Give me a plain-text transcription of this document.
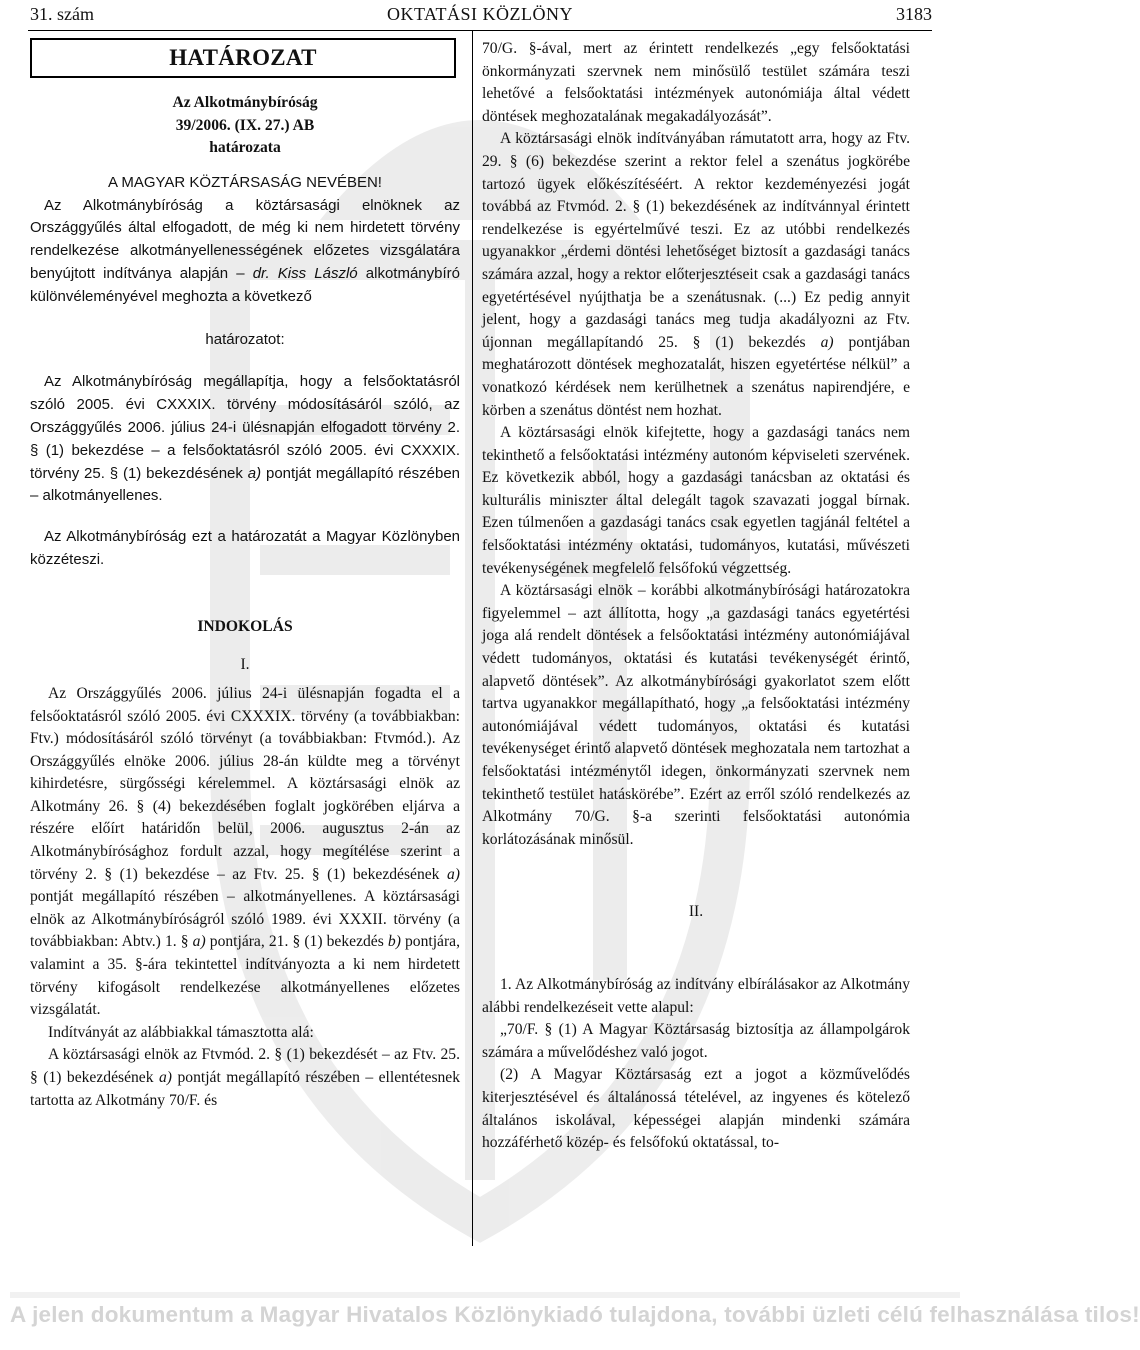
31. szám	OKTATÁSI KÖZLÖNY	3183
HATÁROZAT

Az Alkotmánybíróság

39/2006. (IX. 27.) AB

határozata

A MAGYAR KÖZTÁRSASÁG NEVÉBEN!

Az Alkotmánybíróság a köztársasági elnöknek az Országgyűlés által elfogadott, de még ki nem hirdetett törvény rendelkezése alkotmányellenességének előzetes vizsgálatára benyújtott indítványa alapján – dr. Kiss László alkotmánybíró különvéleményével meghozta a következő

határozatot:

Az Alkotmánybíróság megállapítja, hogy a felsőoktatásról szóló 2005. évi CXXXIX. törvény módosításáról szóló, az Országgyűlés 2006. július 24-i ülésnapján elfogadott törvény 2. § (1) bekezdése – a felsőoktatásról szóló 2005. évi CXXXIX. törvény 25. § (1) bekezdésének a) pontját megállapító részében – alkotmányellenes.

Az Alkotmánybíróság ezt a határozatát a Magyar Közlönyben közzéteszi.

INDOKOLÁS

I.

Az Országgyűlés 2006. július 24-i ülésnapján fogadta el a felsőoktatásról szóló 2005. évi CXXXIX. törvény (a továbbiakban: Ftv.) módosításáról szóló törvényt (a továbbiakban: Ftvmód.). Az Országgyűlés elnöke 2006. július 28-án küldte meg a törvényt kihirdetésre, sürgősségi kérelemmel. A köztársasági elnök az Alkotmány 26. § (4) bekezdésében foglalt jogkörében eljárva a részére előírt határidőn belül, 2006. augusztus 2-án az Alkotmánybírósághoz fordult azzal, hogy megítélése szerint a törvény 2. § (1) bekezdése – az Ftv. 25. § (1) bekezdésének a) pontját megállapító részében – alkotmányellenes. A köztársasági elnök az Alkotmánybíróságról szóló 1989. évi XXXII. törvény (a továbbiakban: Abtv.) 1. § a) pontjára, 21. § (1) bekezdés b) pontjára, valamint a 35. §-ára tekintettel indítványozta a ki nem hirdetett törvény kifogásolt rendelkezése alkotmányellenes előzetes vizsgálatát.

Indítványát az alábbiakkal támasztotta alá:

A köztársasági elnök az Ftvmód. 2. § (1) bekezdését – az Ftv. 25. § (1) bekezdésének a) pontját megállapító részében – ellentétesnek tartotta az Alkotmány 70/F. és

70/G. §-ával, mert az érintett rendelkezés „egy felsőoktatási önkormányzati szervnek nem minősülő testület számára teszi lehetővé a felsőoktatási intézmények autonómiája által védett döntések meghozatalának megakadályozását”.

A köztársasági elnök indítványában rámutatott arra, hogy az Ftv. 29. § (6) bekezdése szerint a rektor felel a szenátus jogkörébe tartozó ügyek előkészítéséért. A rektor kezdeményezési jogát továbbá az Ftvmód. 2. § (1) bekezdésének az indítvánnyal érintett rendelkezése is egyértelművé teszi. Ez az utóbbi rendelkezés ugyanakkor „érdemi döntési lehetőséget biztosít a gazdasági tanács számára azzal, hogy a rektor előterjesztéseit csak a gazdasági tanács egyetértésével nyújthatja be a szenátusnak. (...) Ez pedig annyit jelent, hogy a gazdasági tanács meg tudja akadályozni az Ftv. újonnan megállapítandó 25. § (1) bekezdés a) pontjában meghatározott döntések meghozatalát, hiszen egyetértése nélkül” a vonatkozó kérdések nem kerülhetnek a szenátus napirendjére, e körben a szenátus döntést nem hozhat.

A köztársasági elnök kifejtette, hogy a gazdasági tanács nem tekinthető a felsőoktatási intézmény autonóm képviseleti szervének. Ez következik abból, hogy a gazdasági tanácsban az oktatási és kulturális miniszter által delegált tagok szavazati joggal bírnak. Ezen túlmenően a gazdasági tanács csak egyetlen tagjánál feltétel a felsőoktatási intézmény oktatási, tudományos, kutatási, művészeti tevékenységének megfelelő felsőfokú végzettség.

A köztársasági elnök – korábbi alkotmánybírósági határozatokra figyelemmel – azt állította, hogy „a gazdasági tanács egyetértési joga alá rendelt döntések a felsőoktatási intézmény autonómiájával védett tudományos, oktatási és kutatási tevékenységét érintő, alapvető döntések”. Az alkotmánybírósági gyakorlatot szem előtt tartva ugyanakkor megállapítható, hogy „a felsőoktatási intézmény autonómiájával védett tudományos, oktatási és kutatási tevékenységet érintő alapvető döntések meghozatala nem tartozhat a felsőoktatási intézménytől idegen, önkormányzati szervnek nem tekinthető testület hatáskörébe”. Ezért az erről szóló rendelkezés az Alkotmány 70/G. §-a szerinti felsőoktatási autonómia korlátozásának minősül.

II.

1. Az Alkotmánybíróság az indítvány elbírálásakor az Alkotmány alábbi rendelkezéseit vette alapul:

„70/F. § (1) A Magyar Köztársaság biztosítja az állampolgárok számára a művelődéshez való jogot.

(2) A Magyar Köztársaság ezt a jogot a közművelődés kiterjesztésével és általánossá tételével, az ingyenes és kötelező általános iskolával, képességei alapján mindenki számára hozzáférhető közép- és felsőfokú oktatással, to-

A jelen dokumentum a Magyar Hivatalos Közlönykiadó tulajdona, további üzleti célú felhasználása tilos!
